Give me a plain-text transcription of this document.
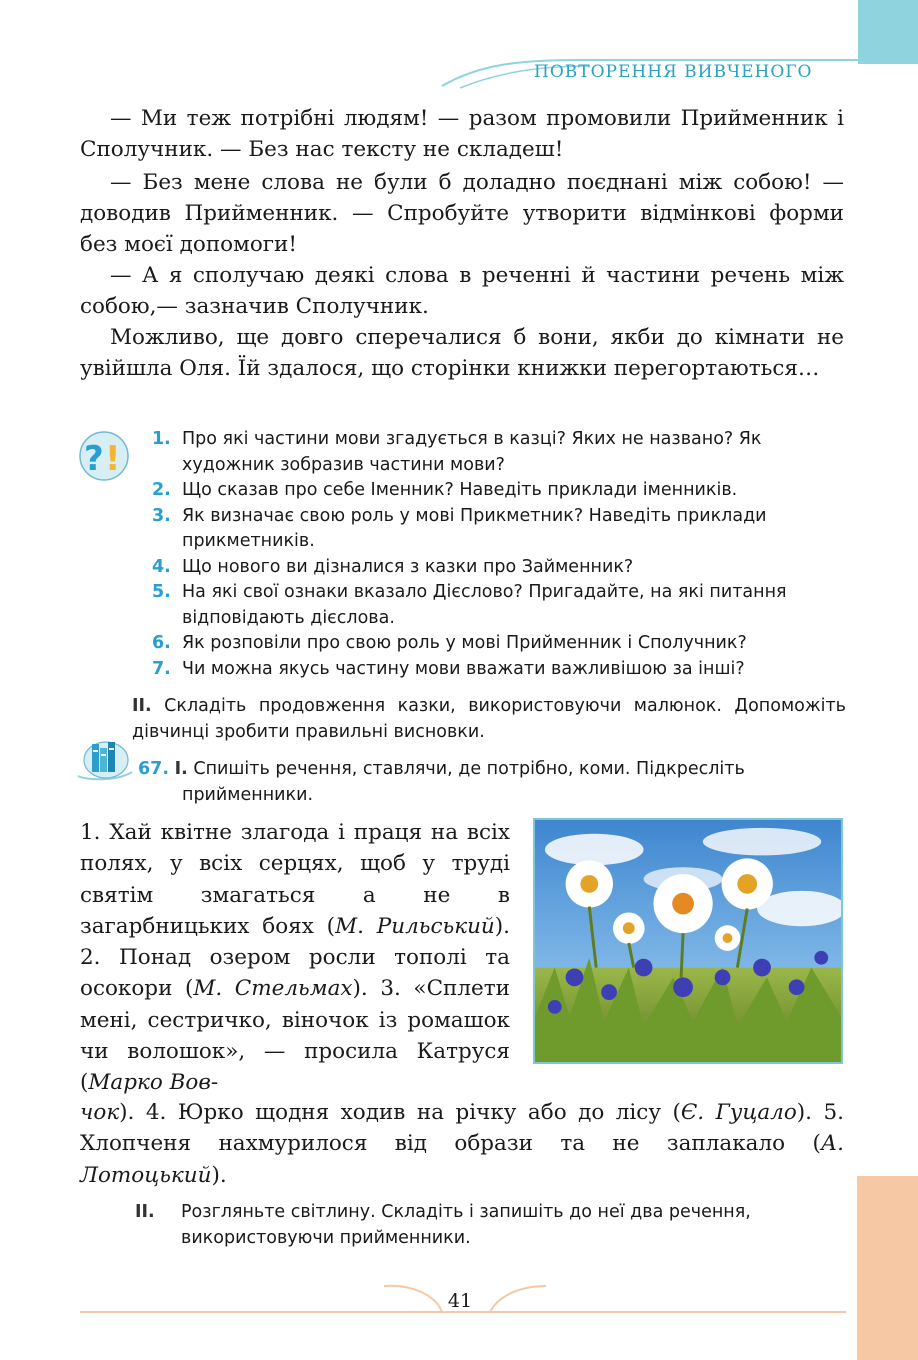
ПОВТОРЕННЯ ВИВЧЕНОГО

— Ми теж потрібні людям! — разом промовили Прийменник і Сполучник. — Без нас тексту не складеш!

— Без мене слова не були б доладно поєднані між собою! — доводив Прийменник. — Спробуйте утворити відмінкові форми без моєї допомоги!

— А я сполучаю деякі слова в реченні й частини речень між собою,— зазначив Сполучник.

Можливо, ще довго сперечалися б вони, якби до кімнати не увійшла Оля. Їй здалося, що сторінки книжки перегортаються…

? ! 1. Про які частини мови згадується в казці? Яких не названо? Як художник зобразив частини мови?
2. Що сказав про себе Іменник? Наведіть приклади іменників.
3. Як визначає свою роль у мові Прикметник? Наведіть приклади прикметників.
4. Що нового ви дізналися з казки про Займенник?
5. На які свої ознаки вказало Дієслово? Пригадайте, на які питання відповідають дієслова.
6. Як розповіли про свою роль у мові Прийменник і Сполучник?
7. Чи можна якусь частину мови вважати важливішою за інші?
II. Складіть продовження казки, використовуючи малюнок. Допоможіть дівчинці зробити правильні висновки.
67. I. Спишіть речення, ставлячи, де потрібно, коми. Підкресліть
прийменники.

1. Хай квітне злагода і праця на всіх полях, у всіх серцях, щоб у труді святім змагаться а не в загарбницьких боях (М. Рильський). 2. Понад озером росли тополі та осокори (М. Стельмах). 3. «Сплети мені, сестричко, віночок із ромашок чи волошок», — просила Катруся (Марко Вов-

чок). 4. Юрко щодня ходив на річку або до лісу (Є. Гуцало). 5. Хлопченя нахмурилося від образи та не заплакало (А. Лотоцький).

II. Розгляньте світлину. Складіть і запишіть до неї два речення,
використовуючи прийменники.
41
